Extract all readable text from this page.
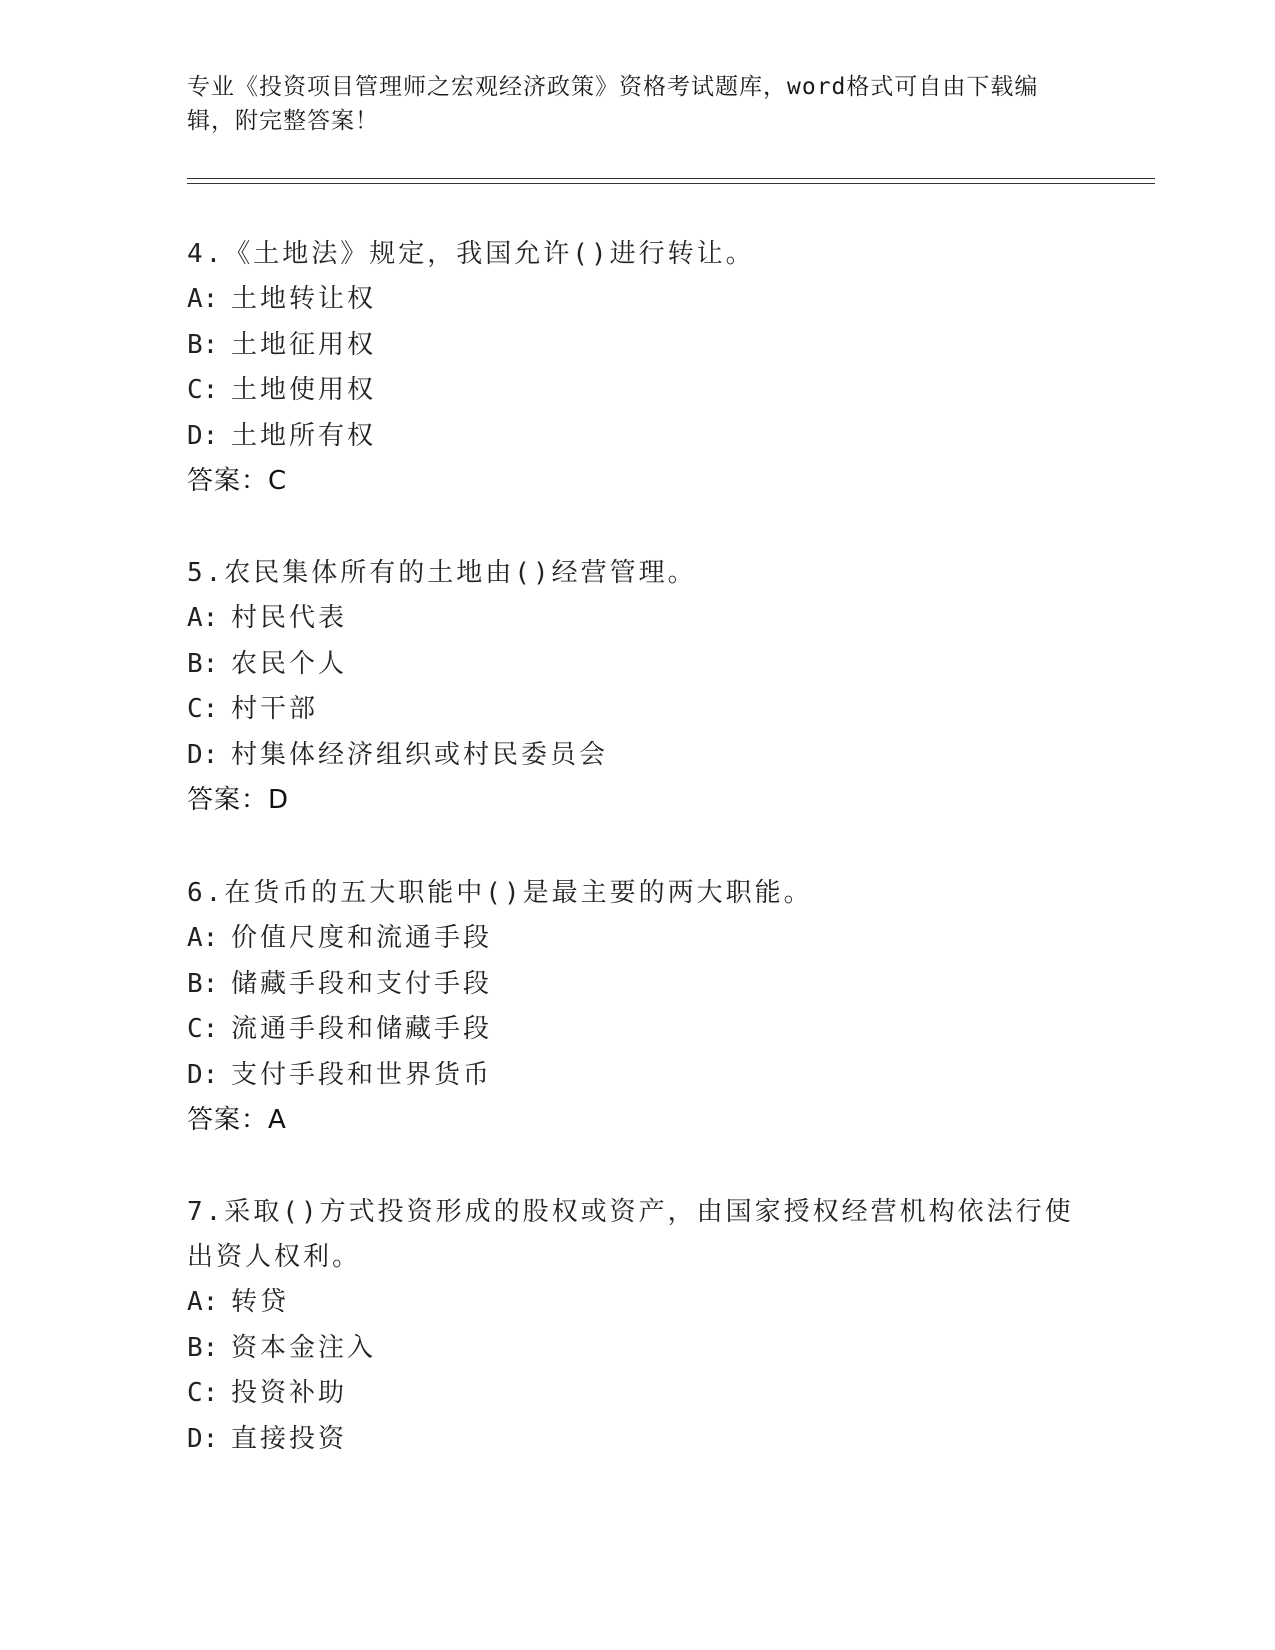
专业《投资项目管理师之宏观经济政策》资格考试题库，word格式可自由下载编辑，附完整答案！

4.《土地法》规定，我国允许()进行转让。

A: 土地转让权

B: 土地征用权

C: 土地使用权

D: 土地所有权

答案：C

5.农民集体所有的土地由()经营管理。

A: 村民代表

B: 农民个人

C: 村干部

D: 村集体经济组织或村民委员会

答案：D

6.在货币的五大职能中()是最主要的两大职能。

A: 价值尺度和流通手段

B: 储藏手段和支付手段

C: 流通手段和储藏手段

D: 支付手段和世界货币

答案：A

7.采取()方式投资形成的股权或资产，由国家授权经营机构依法行使出资人权利。

A: 转贷

B: 资本金注入

C: 投资补助

D: 直接投资
